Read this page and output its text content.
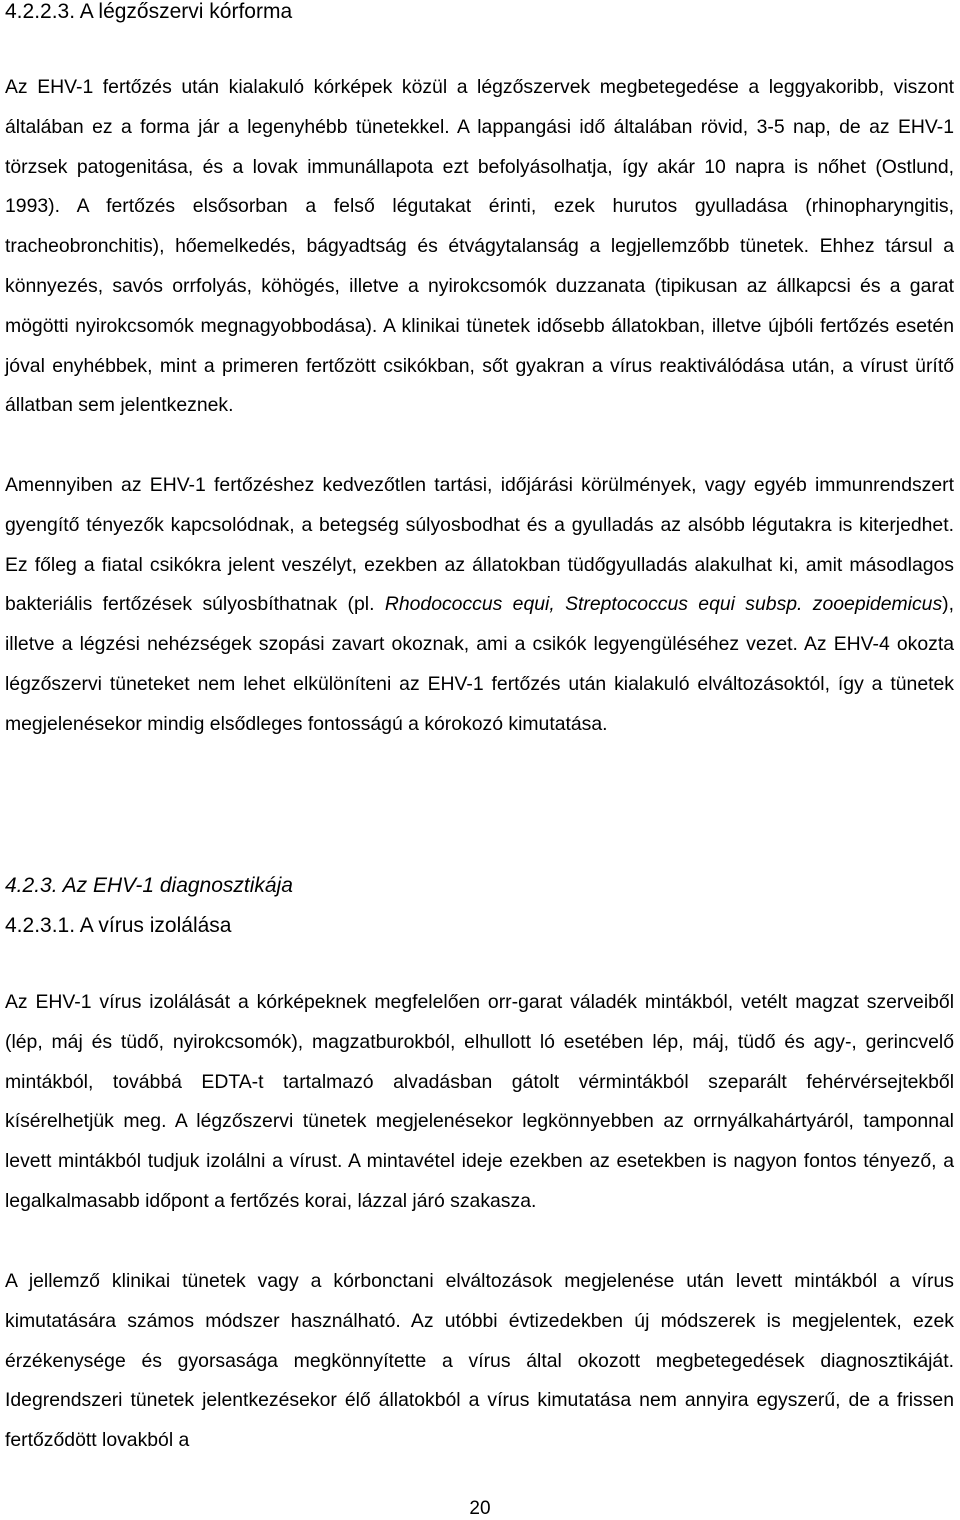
4.2.2.3. A légzőszervi kórforma

Az EHV-1 fertőzés után kialakuló kórképek közül a légzőszervek megbetegedése a leggyakoribb, viszont általában ez a forma jár a legenyhébb tünetekkel. A lappangási idő általában rövid, 3-5 nap, de az EHV-1 törzsek patogenitása, és a lovak immunállapota ezt befolyásolhatja, így akár 10 napra is nőhet (Ostlund, 1993). A fertőzés elsősorban a felső légutakat érinti, ezek hurutos gyulladása (rhinopharyngitis, tracheobronchitis), hőemelkedés, bágyadtság és étvágytalanság a legjellemzőbb tünetek. Ehhez társul a könnyezés, savós orrfolyás, köhögés, illetve a nyirokcsomók duzzanata (tipikusan az állkapcsi és a garat mögötti nyirokcsomók megnagyobbodása). A klinikai tünetek idősebb állatokban, illetve újbóli fertőzés esetén jóval enyhébbek, mint a primeren fertőzött csikókban, sőt gyakran a vírus reaktiválódása után, a vírust ürítő állatban sem jelentkeznek.

Amennyiben az EHV-1 fertőzéshez kedvezőtlen tartási, időjárási körülmények, vagy egyéb immunrendszert gyengítő tényezők kapcsolódnak, a betegség súlyosbodhat és a gyulladás az alsóbb légutakra is kiterjedhet. Ez főleg a fiatal csikókra jelent veszélyt, ezekben az állatokban tüdőgyulladás alakulhat ki, amit másodlagos bakteriális fertőzések súlyosbíthatnak (pl. Rhodococcus equi, Streptococcus equi subsp. zooepidemicus), illetve a légzési nehézségek szopási zavart okoznak, ami a csikók legyengüléséhez vezet. Az EHV-4 okozta légzőszervi tüneteket nem lehet elkülöníteni az EHV-1 fertőzés után kialakuló elváltozásoktól, így a tünetek megjelenésekor mindig elsődleges fontosságú a kórokozó kimutatása.

4.2.3. Az EHV-1 diagnosztikája
4.2.3.1. A vírus izolálása

Az EHV-1 vírus izolálását a kórképeknek megfelelően orr-garat váladék mintákból, vetélt magzat szerveiből (lép, máj és tüdő, nyirokcsomók), magzatburokból, elhullott ló esetében lép, máj, tüdő és agy-, gerincvelő mintákból, továbbá EDTA-t tartalmazó alvadásban gátolt vérmintákból szeparált fehérvérsejtekből kísérelhetjük meg. A légzőszervi tünetek megjelenésekor legkönnyebben az orrnyálkahártyáról, tamponnal levett mintákból tudjuk izolálni a vírust. A mintavétel ideje ezekben az esetekben is nagyon fontos tényező, a legalkalmasabb időpont a fertőzés korai, lázzal járó szakasza.

A jellemző klinikai tünetek vagy a kórbonctani elváltozások megjelenése után levett mintákból a vírus kimutatására számos módszer használható. Az utóbbi évtizedekben új módszerek is megjelentek, ezek érzékenysége és gyorsasága megkönnyítette a vírus által okozott megbetegedések diagnosztikáját. Idegrendszeri tünetek jelentkezésekor élő állatokból a vírus kimutatása nem annyira egyszerű, de a frissen fertőződött lovakból a

20
